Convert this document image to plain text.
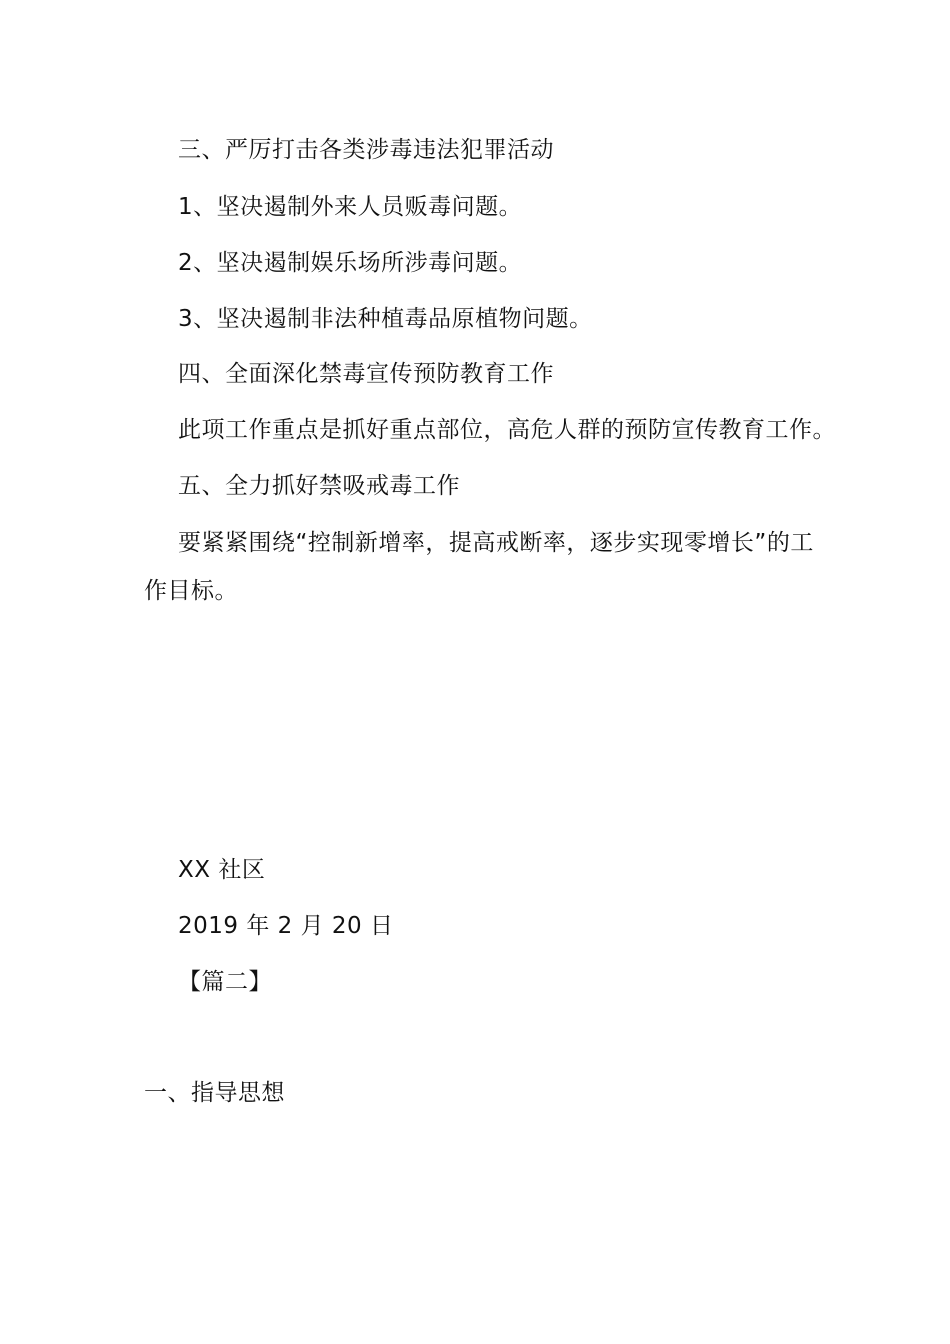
三、严厉打击各类涉毒违法犯罪活动
1、坚决遏制外来人员贩毒问题。
2、坚决遏制娱乐场所涉毒问题。
3、坚决遏制非法种植毒品原植物问题。
四、全面深化禁毒宣传预防教育工作
此项工作重点是抓好重点部位，高危人群的预防宣传教育工作。
五、全力抓好禁吸戒毒工作
要紧紧围绕“控制新增率，提高戒断率，逐步实现零增长”的工
作目标。
XX 社区
2019 年 2 月 20 日
【篇二】
一、指导思想
